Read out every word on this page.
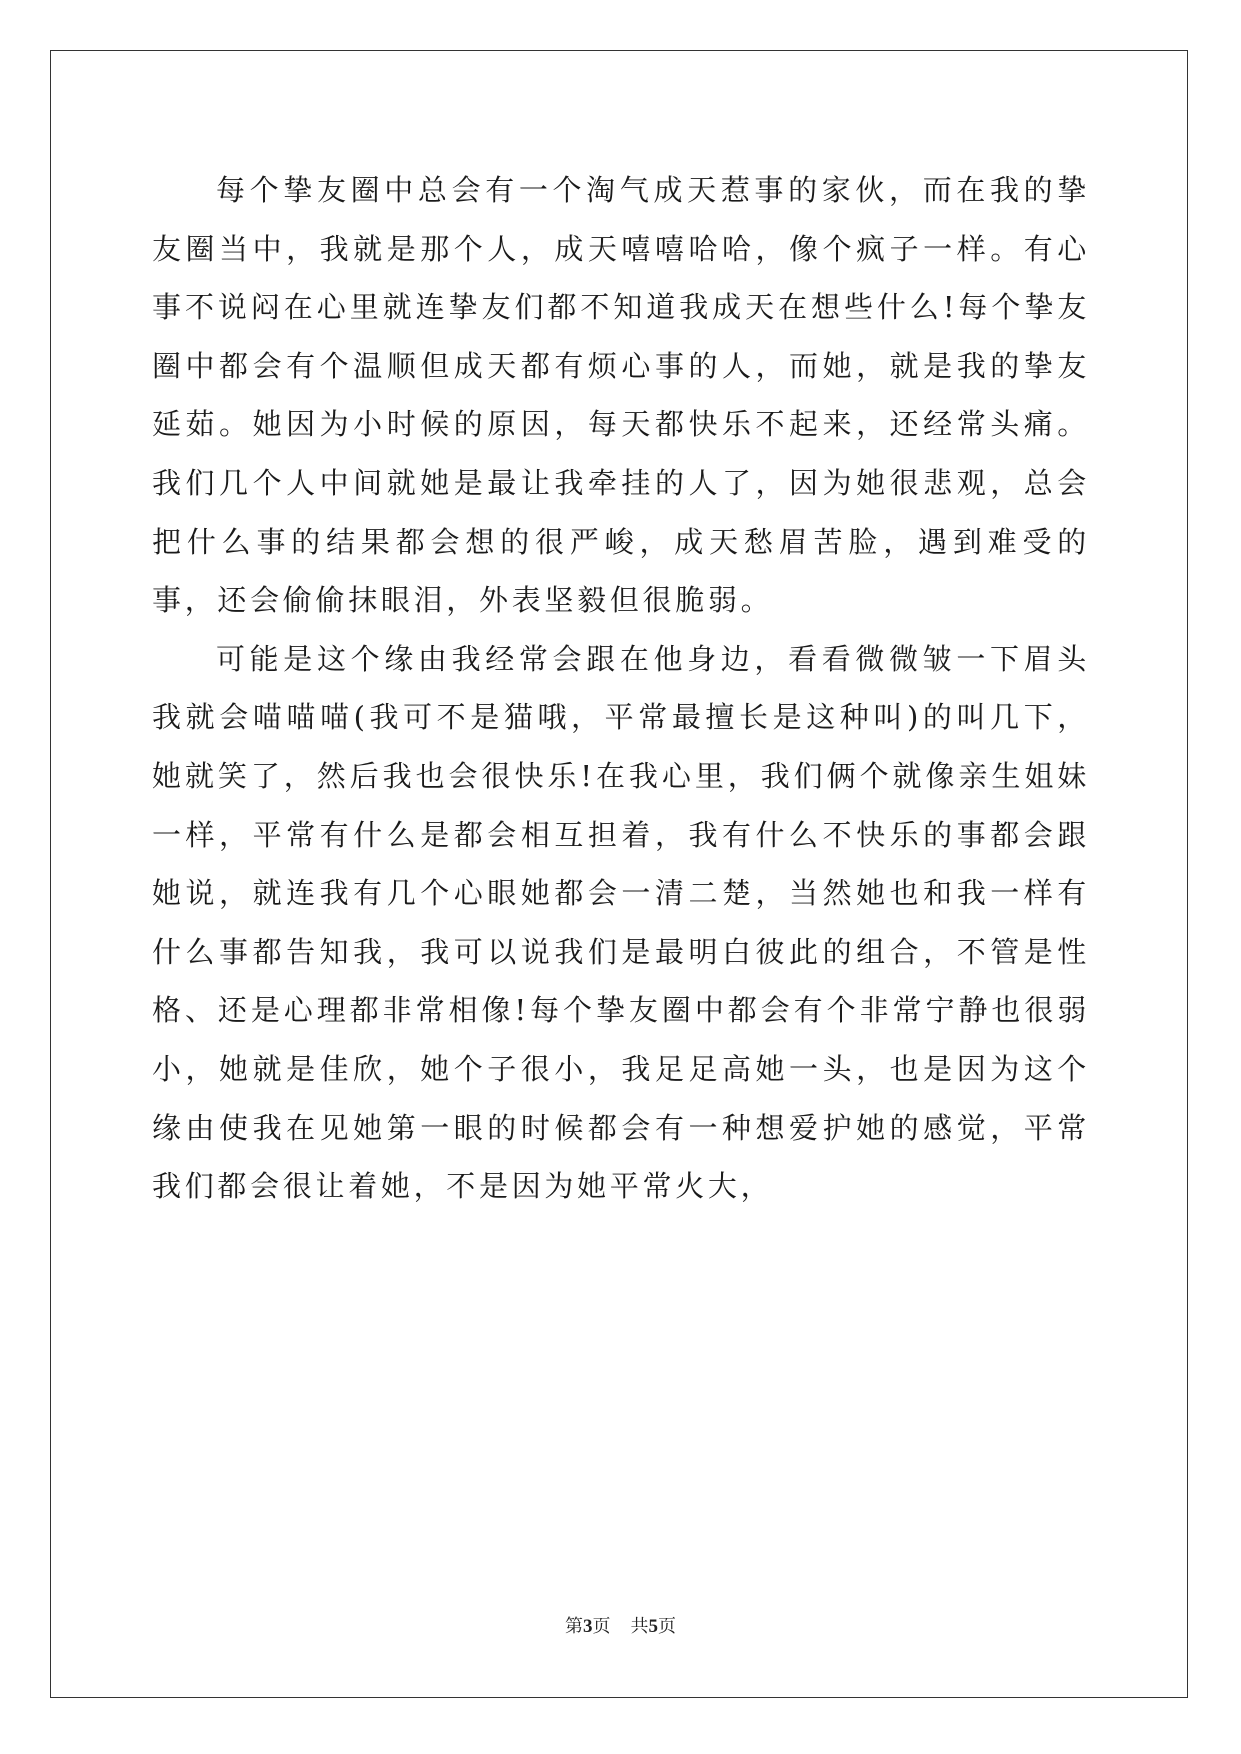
每个挚友圈中总会有一个淘气成天惹事的家伙，而在我的挚友圈当中，我就是那个人，成天嘻嘻哈哈，像个疯子一样。有心事不说闷在心里就连挚友们都不知道我成天在想些什么!每个挚友圈中都会有个温顺但成天都有烦心事的人，而她，就是我的挚友延茹。她因为小时候的原因，每天都快乐不起来，还经常头痛。我们几个人中间就她是最让我牵挂的人了，因为她很悲观，总会把什么事的结果都会想的很严峻，成天愁眉苦脸，遇到难受的事，还会偷偷抹眼泪，外表坚毅但很脆弱。

可能是这个缘由我经常会跟在他身边，看看微微皱一下眉头我就会喵喵喵(我可不是猫哦，平常最擅长是这种叫)的叫几下，她就笑了，然后我也会很快乐!在我心里，我们俩个就像亲生姐妹一样，平常有什么是都会相互担着，我有什么不快乐的事都会跟她说，就连我有几个心眼她都会一清二楚，当然她也和我一样有什么事都告知我，我可以说我们是最明白彼此的组合，不管是性格、还是心理都非常相像!每个挚友圈中都会有个非常宁静也很弱小，她就是佳欣，她个子很小，我足足高她一头，也是因为这个缘由使我在见她第一眼的时候都会有一种想爱护她的感觉，平常我们都会很让着她，不是因为她平常火大，

第3页 共5页
